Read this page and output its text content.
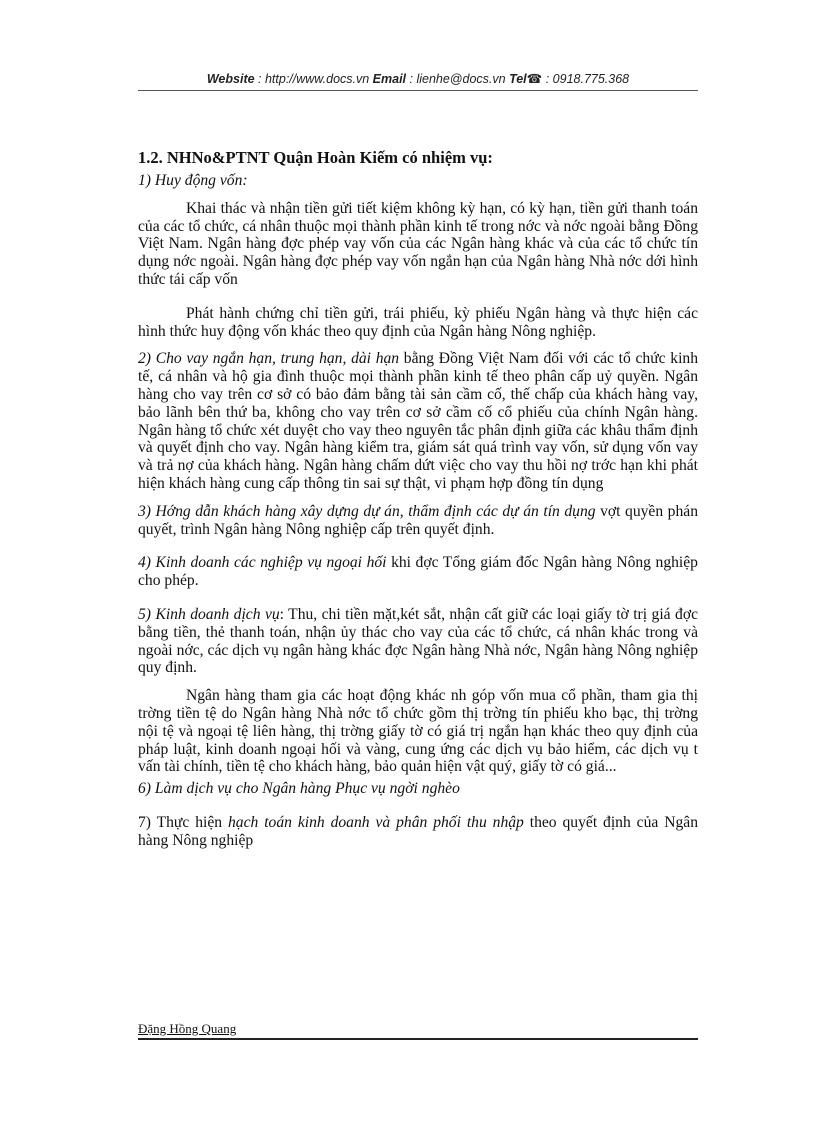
Website : http://www.docs.vn Email : lienhe@docs.vn Tel☎ : 0918.775.368
1.2. NHNo&PTNT Quận Hoàn Kiếm có nhiệm vụ:

1) Huy động vốn:

Khai thác và nhận tiền gửi tiết kiệm không kỳ hạn, có kỳ hạn, tiền gửi thanh toán của các tổ chức, cá nhân thuộc mọi thành phần kinh tế trong nớc và nớc ngoài bằng Đồng Việt Nam. Ngân hàng đợc phép vay vốn của các Ngân hàng khác và của các tổ chức tín dụng nớc ngoài. Ngân hàng đợc phép vay vốn ngắn hạn của Ngân hàng Nhà nớc dới hình thức tái cấp vốn

Phát hành chứng chỉ tiền gửi, trái phiếu, kỳ phiếu Ngân hàng và thực hiện các hình thức huy động vốn khác theo quy định của Ngân hàng Nông nghiệp.

2) Cho vay ngắn hạn, trung hạn, dài hạn bằng Đồng Việt Nam đối với các tổ chức kinh tế, cá nhân và hộ gia đình thuộc mọi thành phần kinh tế theo phân cấp uỷ quyền. Ngân hàng cho vay trên cơ sở có bảo đảm bằng tài sản cầm cố, thế chấp của khách hàng vay, bảo lãnh bên thứ ba, không cho vay trên cơ sở cầm cố cổ phiếu của chính Ngân hàng. Ngân hàng tổ chức xét duyệt cho vay theo nguyên tắc phân định giữa các khâu thẩm định và quyết định cho vay. Ngân hàng kiểm tra, giám sát quá trình vay vốn, sử dụng vốn vay và trả nợ của khách hàng. Ngân hàng chấm dứt việc cho vay thu hồi nợ trớc hạn khi phát hiện khách hàng cung cấp thông tin sai sự thật, vi phạm hợp đồng tín dụng

3) Hớng dẫn khách hàng xây dựng dự án, thẩm định các dự án tín dụng vợt quyền phán quyết, trình Ngân hàng Nông nghiệp cấp trên quyết định.

4) Kinh doanh các nghiệp vụ ngoại hối khi đợc Tổng giám đốc Ngân hàng Nông nghiệp cho phép.

5) Kinh doanh dịch vụ: Thu, chi tiền mặt,két sắt, nhận cất giữ các loại giấy tờ trị giá đợc bằng tiền, thẻ thanh toán, nhận ủy thác cho vay của các tổ chức, cá nhân khác trong và ngoài nớc, các dịch vụ ngân hàng khác đợc Ngân hàng Nhà nớc, Ngân hàng Nông nghiệp quy định.

Ngân hàng tham gia các hoạt động khác nh góp vốn mua cổ phần, tham gia thị trờng tiền tệ do Ngân hàng Nhà nớc tổ chức gồm thị trờng tín phiếu kho bạc, thị trờng nội tệ và ngoại tệ liên hàng, thị trờng giấy tờ có giá trị ngắn hạn khác theo quy định của pháp luật, kinh doanh ngoại hối và vàng, cung ứng các dịch vụ bảo hiểm, các dịch vụ t vấn tài chính, tiền tệ cho khách hàng, bảo quản hiện vật quý, giấy tờ có giá...

6) Làm dịch vụ cho Ngân hàng Phục vụ ngời nghèo

7) Thực hiện hạch toán kinh doanh và phân phối thu nhập theo quyết định của Ngân hàng Nông nghiệp

Đặng Hồng Quang
